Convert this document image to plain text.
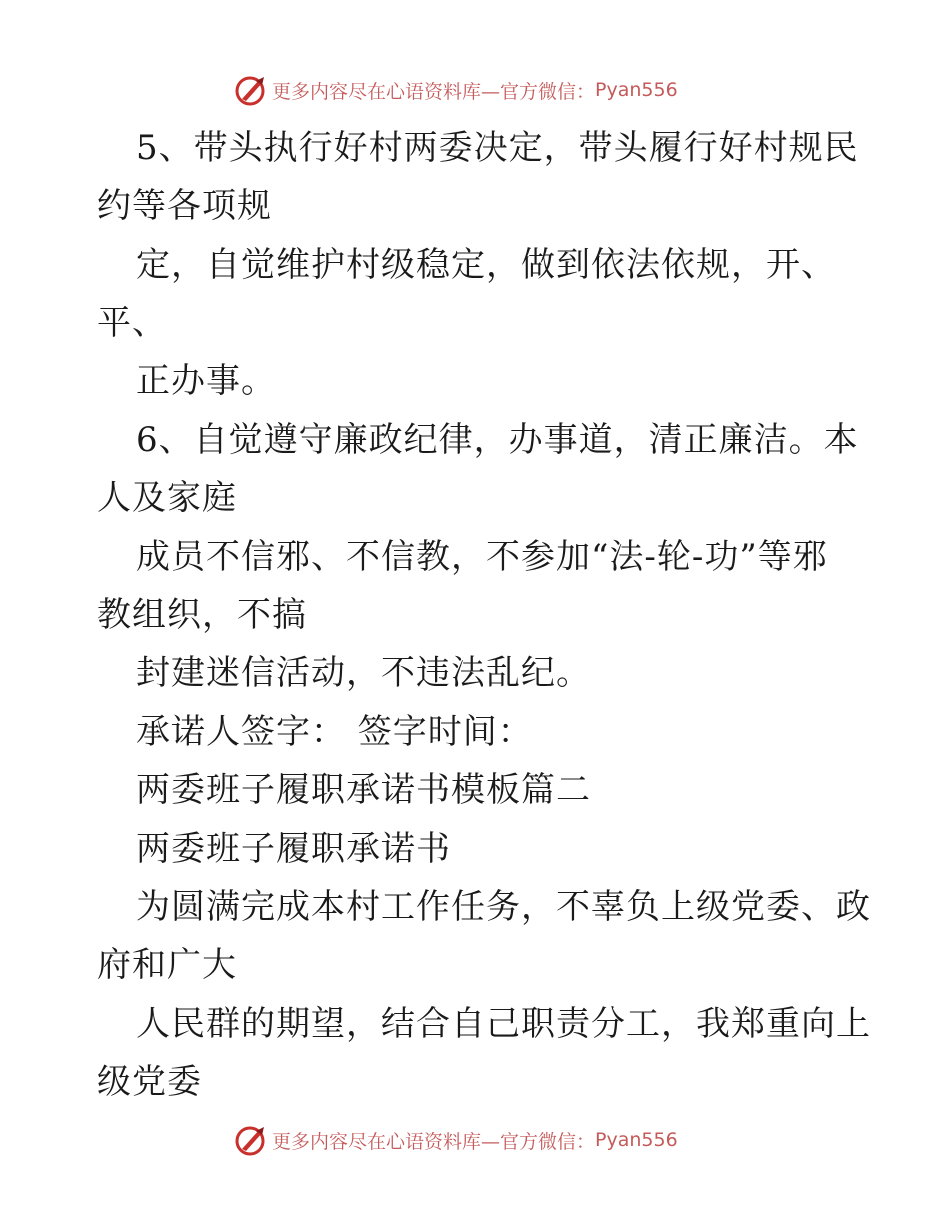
更多内容尽在心语资料库—官方微信： Pyan556
5、带头执行好村两委决定，带头履行好村规民
约等各项规
定，自觉维护村级稳定，做到依法依规，开、
平、
正办事。
6、自觉遵守廉政纪律，办事道，清正廉洁。本
人及家庭
成员不信邪、不信教，不参加“法-轮-功”等邪
教组织，不搞
封建迷信活动，不违法乱纪。
承诺人签字： 签字时间：
两委班子履职承诺书模板篇二
两委班子履职承诺书
为圆满完成本村工作任务，不辜负上级党委、政
府和广大
人民群的期望，结合自己职责分工，我郑重向上
级党委
更多内容尽在心语资料库—官方微信： Pyan556
